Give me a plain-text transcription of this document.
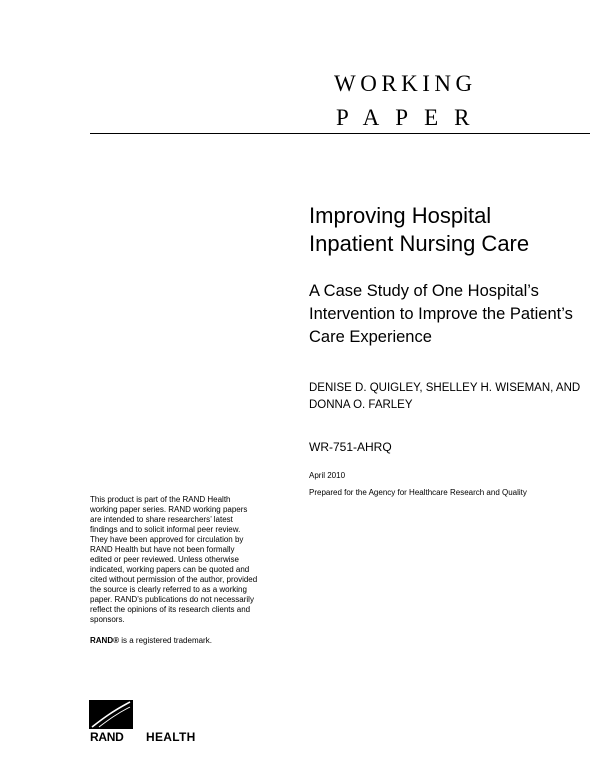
WORKING
PAPER
Improving Hospital Inpatient Nursing Care
A Case Study of One Hospital’s Intervention to Improve the Patient’s Care Experience
DENISE D. QUIGLEY, SHELLEY H. WISEMAN, AND DONNA O. FARLEY
WR-751-AHRQ
April 2010
Prepared for the Agency for Healthcare Research and Quality
This product is part of the RAND Health working paper series. RAND working papers are intended to share researchers’ latest findings and to solicit informal peer review. They have been approved for circulation by RAND Health but have not been formally edited or peer reviewed. Unless otherwise indicated, working papers can be quoted and cited without permission of the author, provided the source is clearly referred to as a working paper. RAND’s publications do not necessarily reflect the opinions of its research clients and sponsors.
RAND® is a registered trademark.
RAND HEALTH
